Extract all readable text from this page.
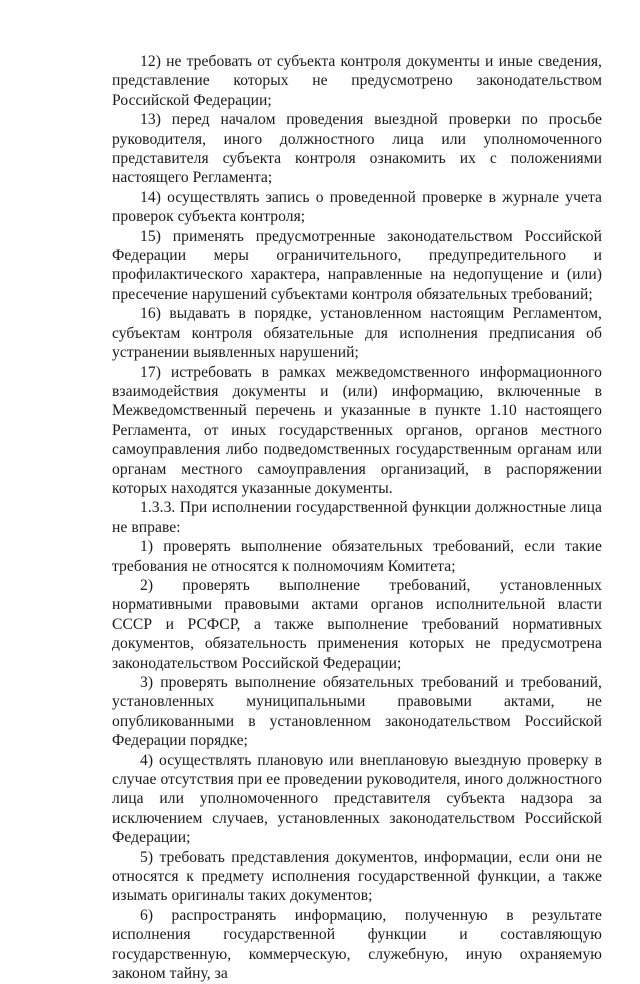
12) не требовать от субъекта контроля документы и иные сведения, представление которых не предусмотрено законодательством Российской Федерации;

13) перед началом проведения выездной проверки по просьбе руководителя, иного должностного лица или уполномоченного представителя субъекта контроля ознакомить их с положениями настоящего Регламента;

14) осуществлять запись о проведенной проверке в журнале учета проверок субъекта контроля;

15) применять предусмотренные законодательством Российской Федерации меры ограничительного, предупредительного и профилактического характера, направленные на недопущение и (или) пресечение нарушений субъектами контроля обязательных требований;

16) выдавать в порядке, установленном настоящим Регламентом, субъектам контроля обязательные для исполнения предписания об устранении выявленных нарушений;

17) истребовать в рамках межведомственного информационного взаимодействия документы и (или) информацию, включенные в Межведомственный перечень и указанные в пункте 1.10 настоящего Регламента, от иных государственных органов, органов местного самоуправления либо подведомственных государственным органам или органам местного самоуправления организаций, в распоряжении которых находятся указанные документы.

1.3.3. При исполнении государственной функции должностные лица не вправе:

1) проверять выполнение обязательных требований, если такие требования не относятся к полномочиям Комитета;

2) проверять выполнение требований, установленных нормативными правовыми актами органов исполнительной власти СССР и РСФСР, а также выполнение требований нормативных документов, обязательность применения которых не предусмотрена законодательством Российской Федерации;

3) проверять выполнение обязательных требований и требований, установленных муниципальными правовыми актами, не опубликованными в установленном законодательством Российской Федерации порядке;

4) осуществлять плановую или внеплановую выездную проверку в случае отсутствия при ее проведении руководителя, иного должностного лица или уполномоченного представителя субъекта надзора за исключением случаев, установленных законодательством Российской Федерации;

5) требовать представления документов, информации, если они не относятся к предмету исполнения государственной функции, а также изымать оригиналы таких документов;

6) распространять информацию, полученную в результате исполнения государственной функции и составляющую государственную, коммерческую, служебную, иную охраняемую законом тайну, за
